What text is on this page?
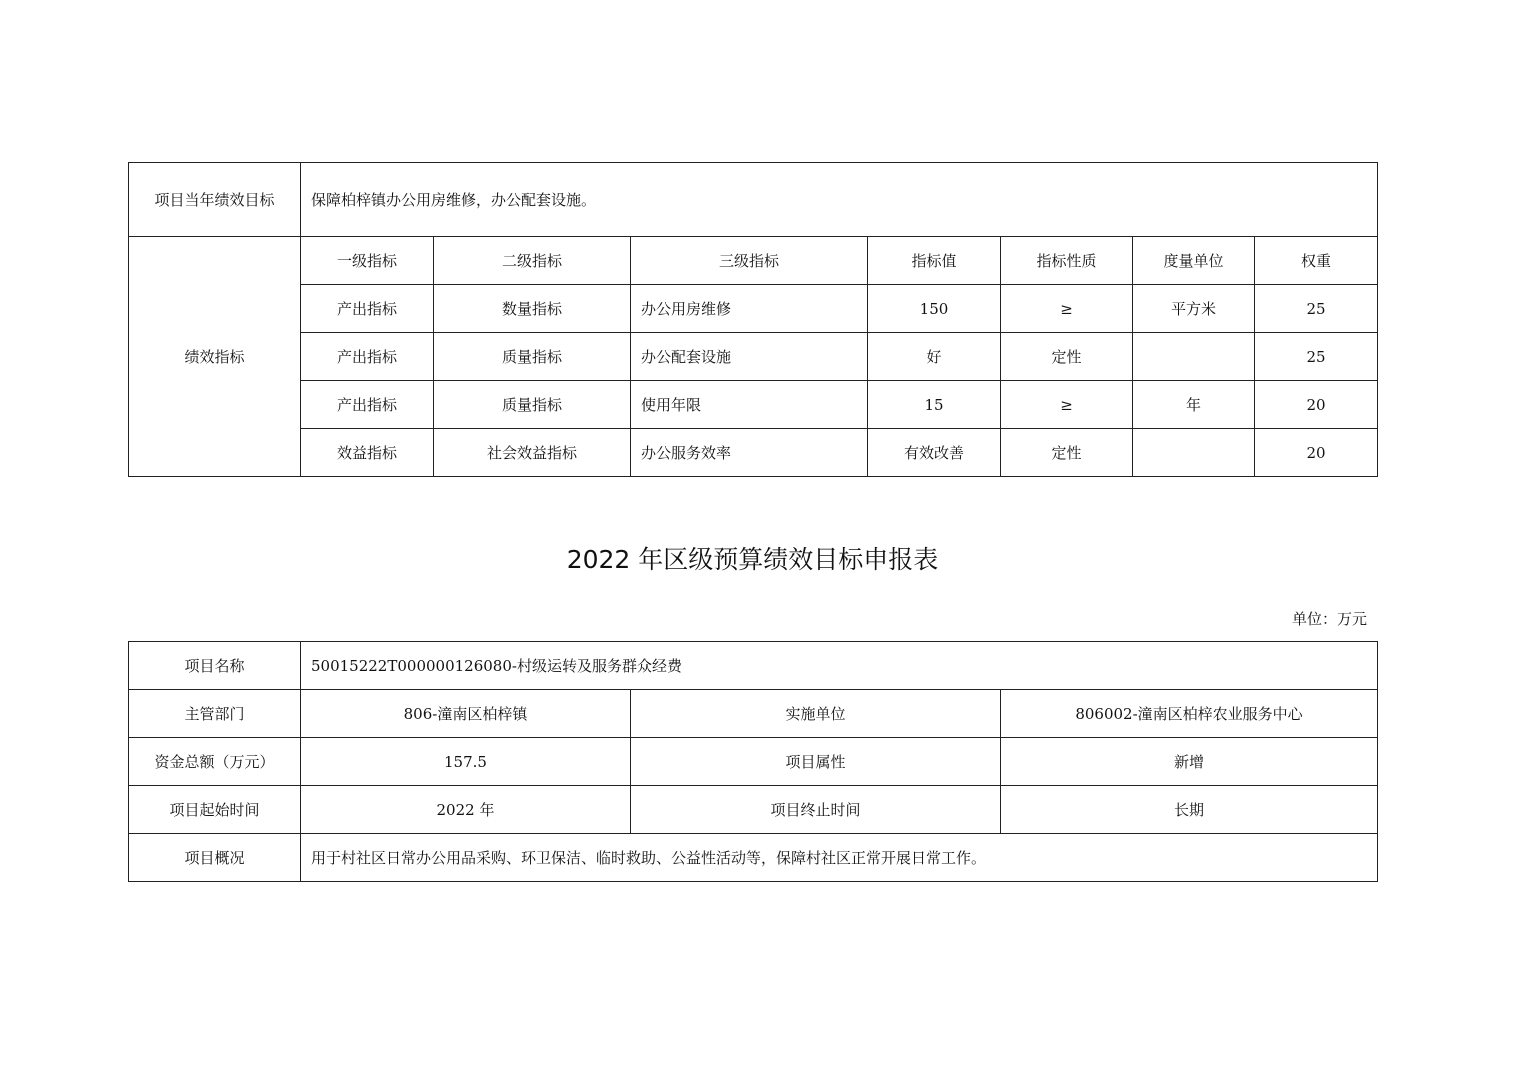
项目当年绩效目标	保障柏梓镇办公用房维修，办公配套设施。						
绩效指标	一级指标	二级指标	三级指标	指标值	指标性质	度量单位	权重
	产出指标	数量指标	办公用房维修	150	≥	平方米	25
	产出指标	质量指标	办公配套设施	好	定性		25
	产出指标	质量指标	使用年限	15	≥	年	20
	效益指标	社会效益指标	办公服务效率	有效改善	定性		20
2022 年区级预算绩效目标申报表
单位：万元
项目名称	50015222T000000126080-村级运转及服务群众经费		
主管部门	806-潼南区柏梓镇	实施单位	806002-潼南区柏梓农业服务中心
资金总额（万元）	157.5	项目属性	新增
项目起始时间	2022 年	项目终止时间	长期
项目概况	用于村社区日常办公用品采购、环卫保洁、临时救助、公益性活动等，保障村社区正常开展日常工作。		
